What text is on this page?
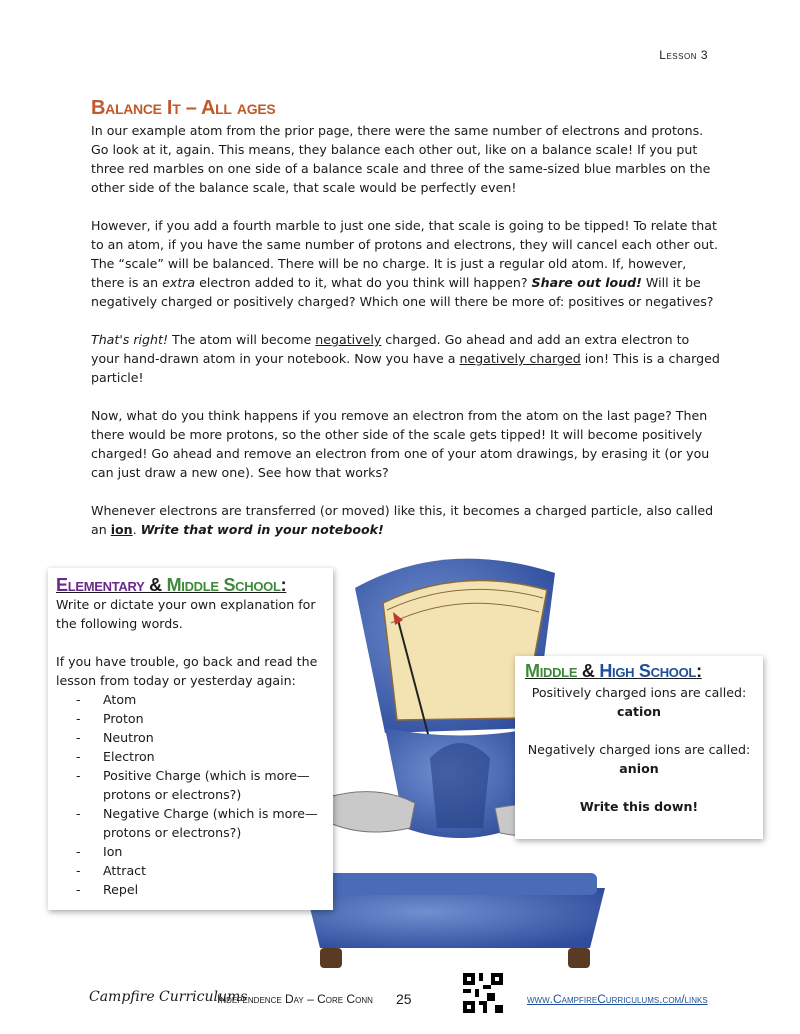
Lesson 3
Balance It – All ages

In our example atom from the prior page, there were the same number of electrons and protons. Go look at it, again. This means, they balance each other out, like on a balance scale! If you put three red marbles on one side of a balance scale and three of the same-sized blue marbles on the other side of the balance scale, that scale would be perfectly even!

However, if you add a fourth marble to just one side, that scale is going to be tipped! To relate that to an atom, if you have the same number of protons and electrons, they will cancel each other out. The “scale” will be balanced. There will be no charge. It is just a regular old atom. If, however, there is an extra electron added to it, what do you think will happen? Share out loud! Will it be negatively charged or positively charged? Which one will there be more of: positives or negatives?

That's right! The atom will become negatively charged. Go ahead and add an extra electron to your hand-drawn atom in your notebook. Now you have a negatively charged ion! This is a charged particle!

Now, what do you think happens if you remove an electron from the atom on the last page? Then there would be more protons, so the other side of the scale gets tipped! It will become positively charged! Go ahead and remove an electron from one of your atom drawings, by erasing it (or you can just draw a new one). See how that works?

Whenever electrons are transferred (or moved) like this, it becomes a charged particle, also called an ion. Write that word in your notebook!

Elementary & Middle School:

Write or dictate your own explanation for the following words.

If you have trouble, go back and read the lesson from today or yesterday again:

- Atom
- Proton
- Neutron
- Electron
- Positive Charge (which is more—protons or electrons?)
- Negative Charge (which is more—protons or electrons?)
- Ion
- Attract
- Repel
Middle & High School:

Positively charged ions are called:

cation

Negatively charged ions are called:

anion

Write this down!

Campfire Curriculums
Independence Day – Core Conn 25	www.CampfireCurriculums.com/links
